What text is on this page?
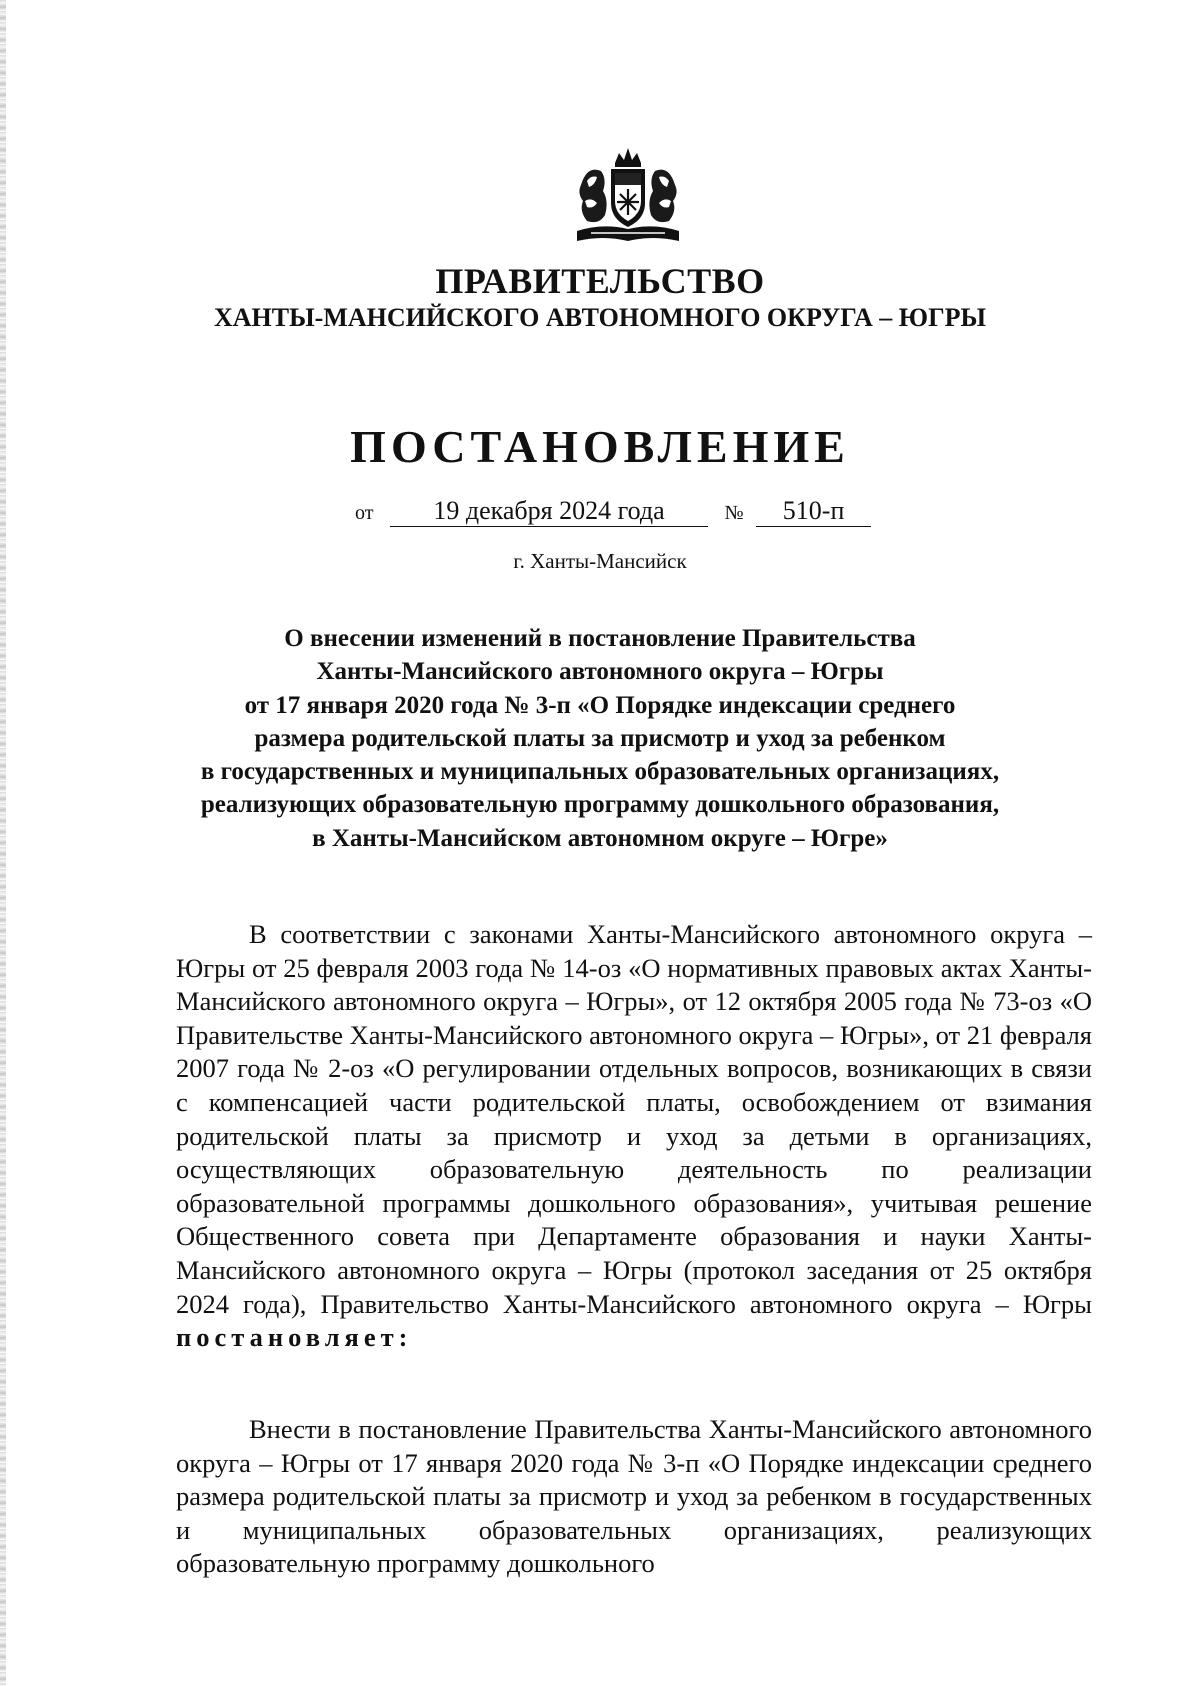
ПРАВИТЕЛЬСТВО
ХАНТЫ-МАНСИЙСКОГО АВТОНОМНОГО ОКРУГА – ЮГРЫ
ПОСТАНОВЛЕНИЕ
от 19 декабря 2024 года	№ 510-п
г. Ханты-Мансийск
О внесении изменений в постановление Правительства
Ханты-Мансийского автономного округа – Югры
от 17 января 2020 года № 3-п «О Порядке индексации среднего
размера родительской платы за присмотр и уход за ребенком
в государственных и муниципальных образовательных организациях,
реализующих образовательную программу дошкольного образования,
в Ханты-Мансийском автономном округе – Югре»
В соответствии с законами Ханты-Мансийского автономного округа – Югры от 25 февраля 2003 года № 14-оз «О нормативных правовых актах Ханты-Мансийского автономного округа – Югры», от 12 октября 2005 года № 73-оз «О Правительстве Ханты-Мансийского автономного округа – Югры», от 21 февраля 2007 года № 2-оз «О регулировании отдельных вопросов, возникающих в связи с компенсацией части родительской платы, освобождением от взимания родительской платы за присмотр и уход за детьми в организациях, осуществляющих образовательную деятельность по реализации образовательной программы дошкольного образования», учитывая решение Общественного совета при Департаменте образования и науки Ханты-Мансийского автономного округа – Югры (протокол заседания от 25 октября 2024 года), Правительство Ханты-Мансийского автономного округа – Югры постановляет:
Внести в постановление Правительства Ханты-Мансийского автономного округа – Югры от 17 января 2020 года № 3-п «О Порядке индексации среднего размера родительской платы за присмотр и уход за ребенком в государственных и муниципальных образовательных организациях, реализующих образовательную программу дошкольного
